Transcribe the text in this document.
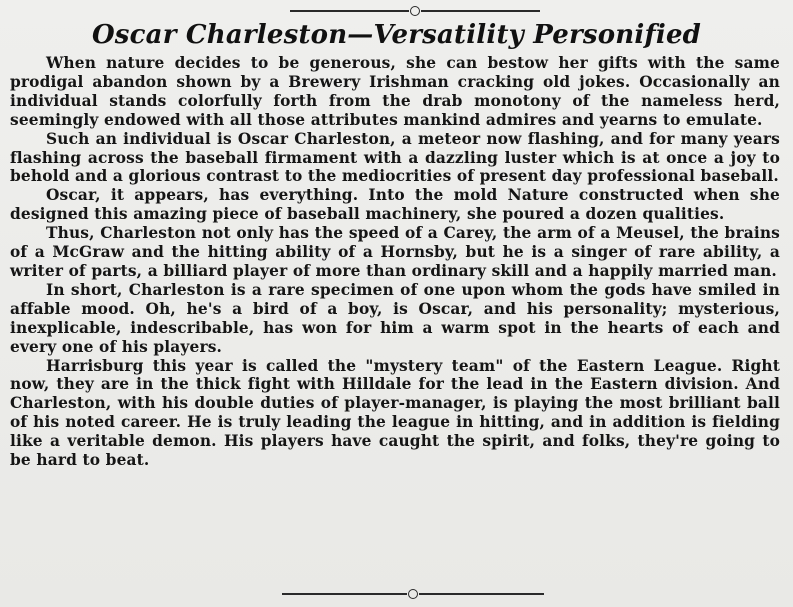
Oscar Charleston—Versatility Personified

When nature decides to be generous, she can bestow her gifts with the same prodigal abandon shown by a Brewery Irishman cracking old jokes. Occasionally an individual stands colorfully forth from the drab monotony of the nameless herd, seemingly endowed with all those attributes mankind admires and yearns to emulate.

Such an individual is Oscar Charleston, a meteor now flashing, and for many years flashing across the baseball firmament with a dazzling luster which is at once a joy to behold and a glorious contrast to the mediocrities of present day professional baseball.

Oscar, it appears, has everything. Into the mold Nature constructed when she designed this amazing piece of baseball machinery, she poured a dozen qualities.

Thus, Charleston not only has the speed of a Carey, the arm of a Meusel, the brains of a McGraw and the hitting ability of a Hornsby, but he is a singer of rare ability, a writer of parts, a billiard player of more than ordinary skill and a happily married man.

In short, Charleston is a rare specimen of one upon whom the gods have smiled in affable mood. Oh, he's a bird of a boy, is Oscar, and his personality; mysterious, inexplicable, indescribable, has won for him a warm spot in the hearts of each and every one of his players.

Harrisburg this year is called the "mystery team" of the Eastern League. Right now, they are in the thick fight with Hilldale for the lead in the Eastern division. And Charleston, with his double duties of player-manager, is playing the most brilliant ball of his noted career. He is truly leading the league in hitting, and in addition is fielding like a veritable demon. His players have caught the spirit, and folks, they're going to be hard to beat.
